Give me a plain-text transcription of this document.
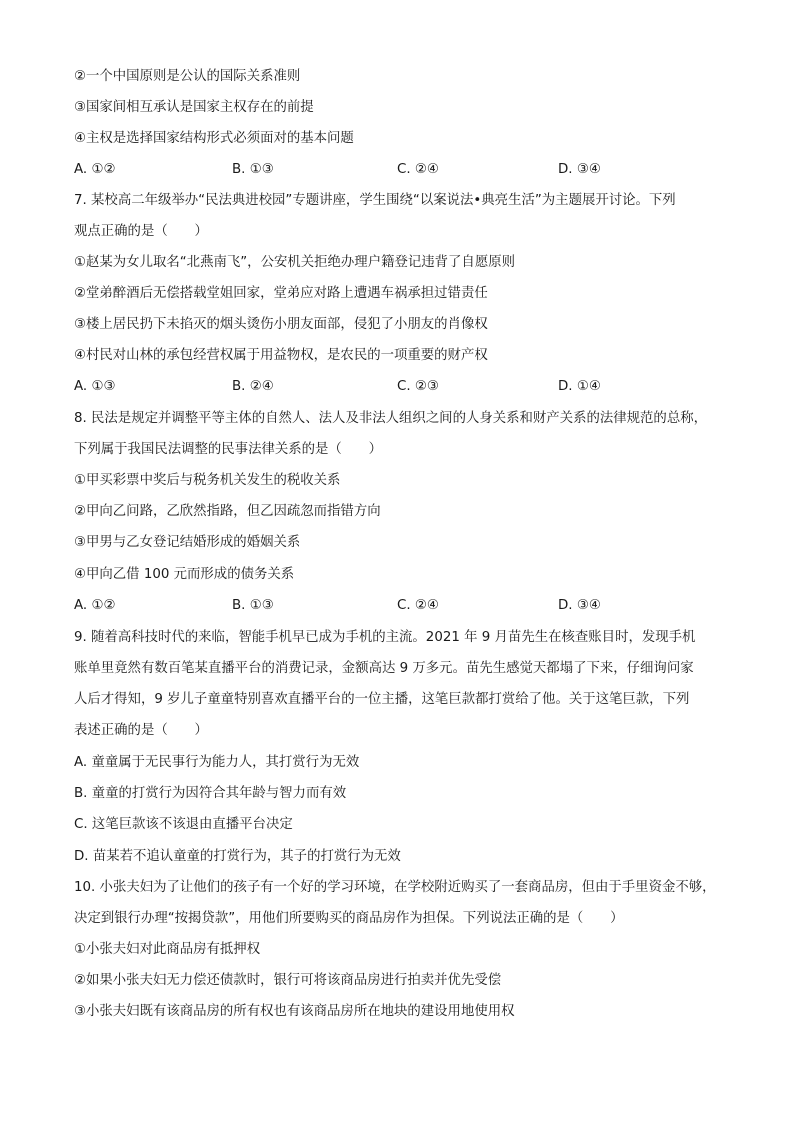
②一个中国原则是公认的国际关系准则
③国家间相互承认是国家主权存在的前提
④主权是选择国家结构形式必须面对的基本问题
A. ①②	B. ①③	C. ②④	D. ③④
7. 某校高二年级举办“民法典进校园”专题讲座，学生围绕“以案说法•典亮生活”为主题展开讨论。下列
观点正确的是（　　）
①赵某为女儿取名“北燕南飞”，公安机关拒绝办理户籍登记违背了自愿原则
②堂弟醉酒后无偿搭载堂姐回家，堂弟应对路上遭遇车祸承担过错责任
③楼上居民扔下未掐灭的烟头烫伤小朋友面部，侵犯了小朋友的肖像权
④村民对山林的承包经营权属于用益物权，是农民的一项重要的财产权
A. ①③	B. ②④	C. ②③	D. ①④
8. 民法是规定并调整平等主体的自然人、法人及非法人组织之间的人身关系和财产关系的法律规范的总称，
下列属于我国民法调整的民事法律关系的是（　　）
①甲买彩票中奖后与税务机关发生的税收关系
②甲向乙问路，乙欣然指路，但乙因疏忽而指错方向
③甲男与乙女登记结婚形成的婚姻关系
④甲向乙借 100 元而形成的债务关系
A. ①②	B. ①③	C. ②④	D. ③④
9. 随着高科技时代的来临，智能手机早已成为手机的主流。2021 年 9 月苗先生在核查账目时，发现手机
账单里竟然有数百笔某直播平台的消费记录，金额高达 9 万多元。苗先生感觉天都塌了下来，仔细询问家
人后才得知，9 岁儿子童童特别喜欢直播平台的一位主播，这笔巨款都打赏给了他。关于这笔巨款，下列
表述正确的是（　　）
A. 童童属于无民事行为能力人，其打赏行为无效
B. 童童的打赏行为因符合其年龄与智力而有效
C. 这笔巨款该不该退由直播平台决定
D. 苗某若不追认童童的打赏行为，其子的打赏行为无效
10. 小张夫妇为了让他们的孩子有一个好的学习环境，在学校附近购买了一套商品房，但由于手里资金不够，
决定到银行办理“按揭贷款”，用他们所要购买的商品房作为担保。下列说法正确的是（　　）
①小张夫妇对此商品房有抵押权
②如果小张夫妇无力偿还债款时，银行可将该商品房进行拍卖并优先受偿
③小张夫妇既有该商品房的所有权也有该商品房所在地块的建设用地使用权
